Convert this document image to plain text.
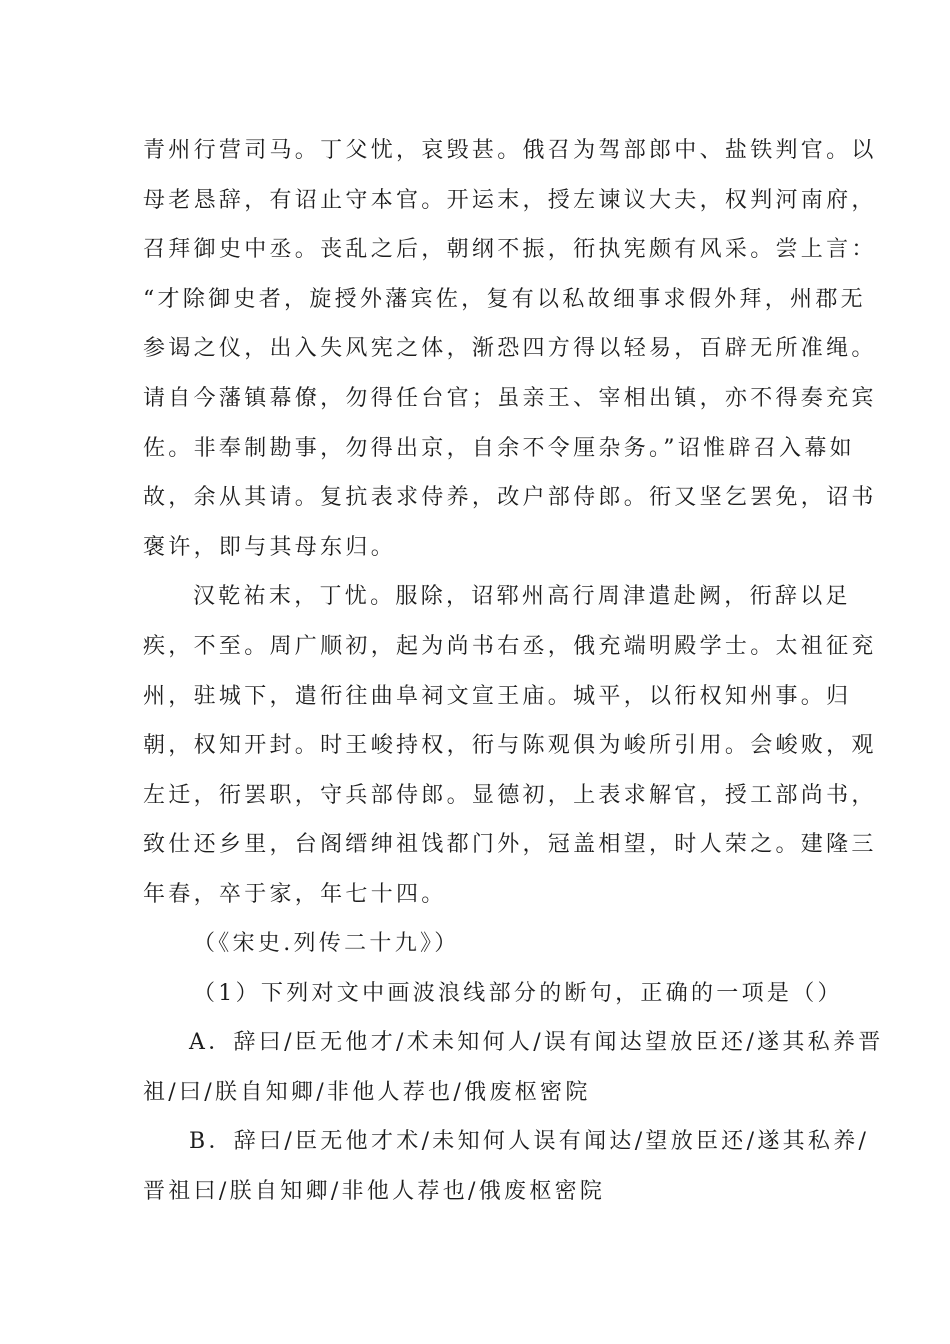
青州行营司马。丁父忧，哀毁甚。俄召为驾部郎中、盐铁判官。以
母老恳辞，有诏止守本官。开运末，授左谏议大夫，权判河南府，
召拜御史中丞。丧乱之后，朝纲不振，衎执宪颇有风采。尝上言：
“才除御史者，旋授外藩宾佐，复有以私故细事求假外拜，州郡无
参谒之仪，出入失风宪之体，渐恐四方得以轻易，百辟无所准绳。
请自今藩镇幕僚，勿得任台官；虽亲王、宰相出镇，亦不得奏充宾
佐。非奉制勘事，勿得出京，自余不令厘杂务。”诏惟辟召入幕如
故，余从其请。复抗表求侍养，改户部侍郎。衎又坚乞罢免，诏书
褒许，即与其母东归。
汉乾祐末，丁忧。服除，诏郓州高行周津遣赴阙，衎辞以足
疾，不至。周广顺初，起为尚书右丞，俄充端明殿学士。太祖征兖
州，驻城下，遣衎往曲阜祠文宣王庙。城平，以衎权知州事。归
朝，权知开封。时王峻持权，衎与陈观俱为峻所引用。会峻败，观
左迁，衎罢职，守兵部侍郎。显德初，上表求解官，授工部尚书，
致仕还乡里，台阁缙绅祖饯都门外，冠盖相望，时人荣之。建隆三
年春，卒于家，年七十四。
（《宋史.列传二十九》）
（1）下列对文中画波浪线部分的断句，正确的一项是（）
A．辞曰/臣无他才/术未知何人/误有闻达望放臣还/遂其私养晋
祖/曰/朕自知卿/非他人荐也/俄废枢密院
B．辞曰/臣无他才术/未知何人误有闻达/望放臣还/遂其私养/
晋祖曰/朕自知卿/非他人荐也/俄废枢密院
